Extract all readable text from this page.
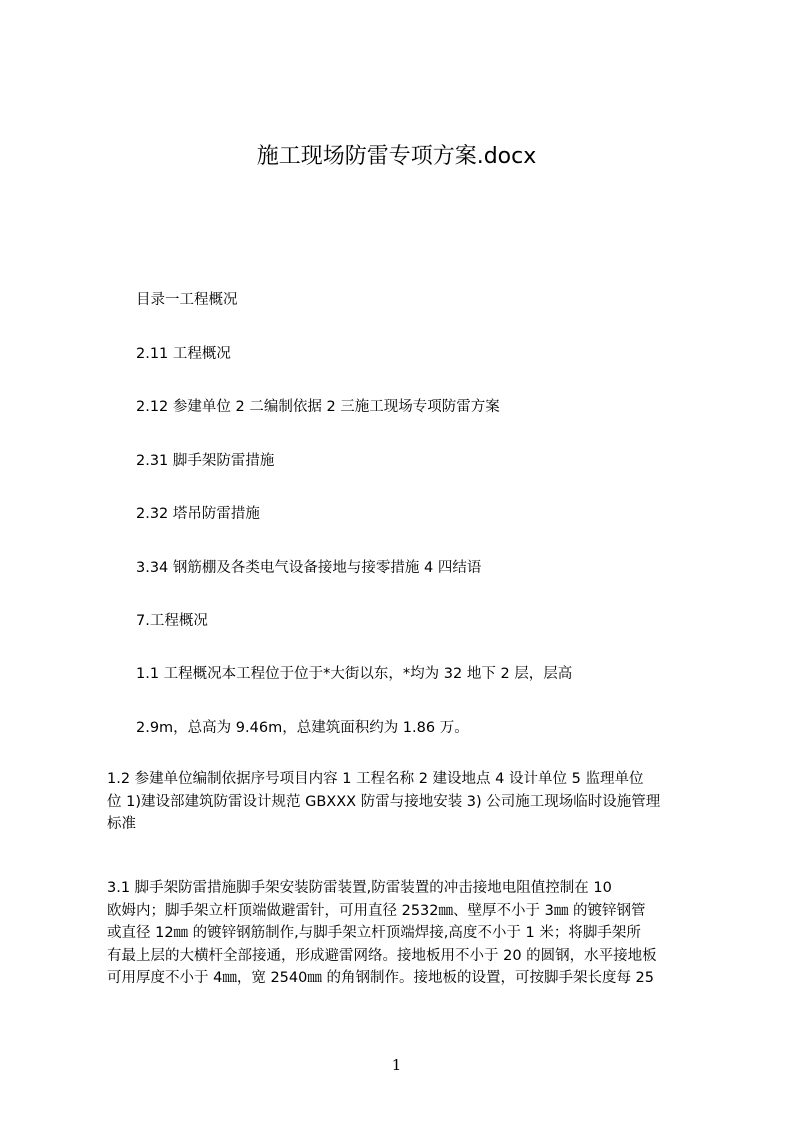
施工现场防雷专项方案.docx
目录一工程概况
2.11 工程概况
2.12 参建单位 2 二编制依据 2 三施工现场专项防雷方案
2.31 脚手架防雷措施
2.32 塔吊防雷措施
3.34 钢筋棚及各类电气设备接地与接零措施 4 四结语
7.工程概况
1.1 工程概况本工程位于位于*大街以东，*均为 32 地下 2 层，层高
2.9m，总高为 9.46m，总建筑面积约为 1.86 万。
1.2 参建单位编制依据序号项目内容 1 工程名称 2 建设地点 4 设计单位 5 监理单位
位 1)建设部建筑防雷设计规范 GBXXX 防雷与接地安装 3) 公司施工现场临时设施管理
标准
3.1 脚手架防雷措施脚手架安装防雷装置,防雷装置的冲击接地电阻值控制在 10
欧姆内；脚手架立杆顶端做避雷针，可用直径 2532㎜、壁厚不小于 3㎜ 的镀锌钢管
或直径 12㎜ 的镀锌钢筋制作,与脚手架立杆顶端焊接,高度不小于 1 米；将脚手架所
有最上层的大横杆全部接通，形成避雷网络。接地板用不小于 20 的圆钢，水平接地板
可用厚度不小于 4㎜，宽 2540㎜ 的角钢制作。接地板的设置，可按脚手架长度每 25
1
